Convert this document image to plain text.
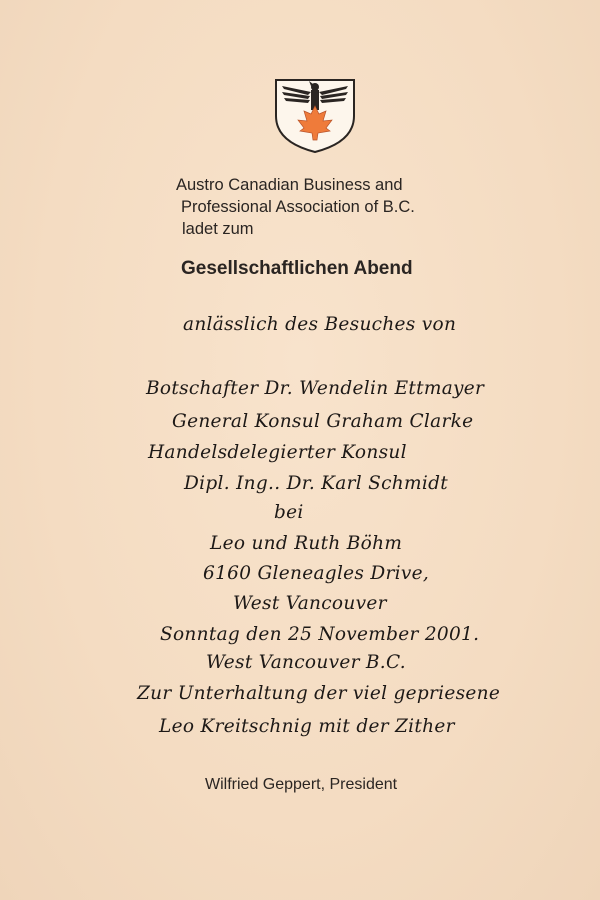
Austro Canadian Business and
Professional Association of B.C.
ladet zum
Gesellschaftlichen Abend
anlässlich des Besuches von
Botschafter Dr. Wendelin Ettmayer
General Konsul Graham Clarke
Handelsdelegierter Konsul
Dipl. Ing.. Dr. Karl Schmidt
bei
Leo und Ruth Böhm
6160 Gleneagles Drive,
West Vancouver
Sonntag den 25 November 2001.
West Vancouver B.C.
Zur Unterhaltung der viel gepriesene
Leo Kreitschnig mit der Zither
Wilfried Geppert, President
